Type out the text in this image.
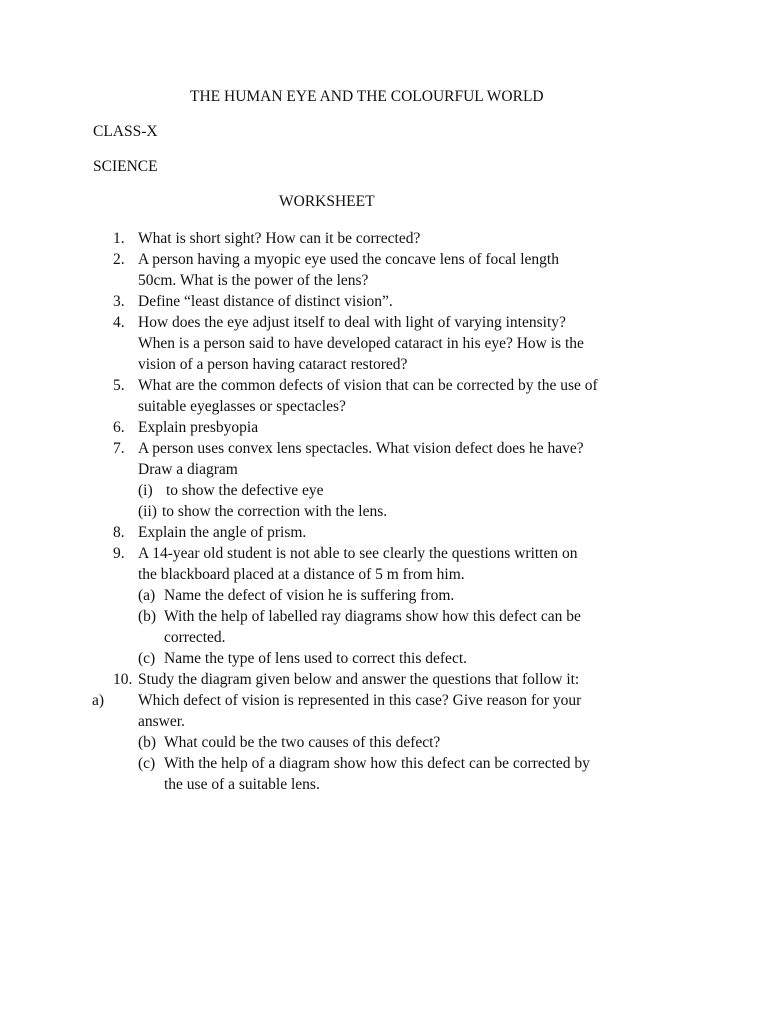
THE HUMAN EYE AND THE COLOURFUL WORLD
CLASS-X
SCIENCE
WORKSHEET
1. What is short sight? How can it be corrected?
2. A person having a myopic eye used the concave lens of focal length
50cm. What is the power of the lens?
3. Define “least distance of distinct vision”.
4. How does the eye adjust itself to deal with light of varying intensity?
When is a person said to have developed cataract in his eye? How is the
vision of a person having cataract restored?
5. What are the common defects of vision that can be corrected by the use of
suitable eyeglasses or spectacles?
6. Explain presbyopia
7. A person uses convex lens spectacles. What vision defect does he have?
Draw a diagram
(i) to show the defective eye
(ii) to show the correction with the lens.
8. Explain the angle of prism.
9. A 14-year old student is not able to see clearly the questions written on
the blackboard placed at a distance of 5 m from him.
(a) Name the defect of vision he is suffering from.
(b) With the help of labelled ray diagrams show how this defect can be
corrected.
(c) Name the type of lens used to correct this defect.
10. Study the diagram given below and answer the questions that follow it:
a) Which defect of vision is represented in this case? Give reason for your
answer.
(b) What could be the two causes of this defect?
(c) With the help of a diagram show how this defect can be corrected by
the use of a suitable lens.
